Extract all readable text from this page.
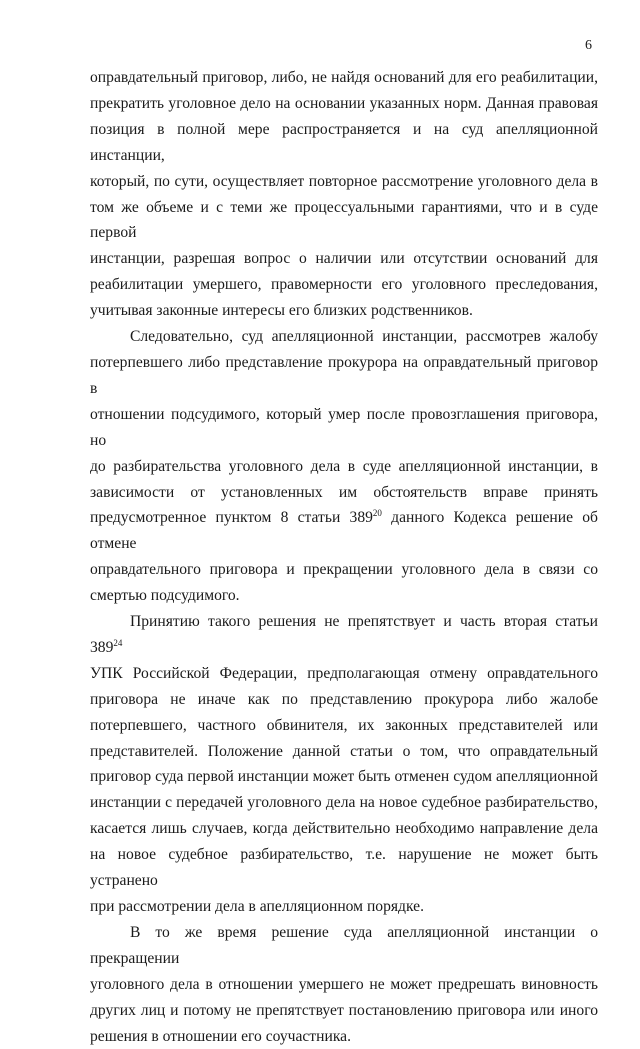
6

оправдательный приговор, либо, не найдя оснований для его реабилитации,

прекратить уголовное дело на основании указанных норм. Данная правовая

позиция в полной мере распространяется и на суд апелляционной инстанции,

который, по сути, осуществляет повторное рассмотрение уголовного дела в

том же объеме и с теми же процессуальными гарантиями, что и в суде первой

инстанции, разрешая вопрос о наличии или отсутствии оснований для

реабилитации умершего, правомерности его уголовного преследования,

учитывая законные интересы его близких родственников.

Следовательно, суд апелляционной инстанции, рассмотрев жалобу

потерпевшего либо представление прокурора на оправдательный приговор в

отношении подсудимого, который умер после провозглашения приговора, но

до разбирательства уголовного дела в суде апелляционной инстанции, в

зависимости от установленных им обстоятельств вправе принять

предусмотренное пунктом 8 статьи $389^{20}$ данного Кодекса решение об отмене

оправдательного приговора и прекращении уголовного дела в связи со

смертью подсудимого.

Принятию такого решения не препятствует и часть вторая статьи $389^{24}$

УПК Российской Федерации, предполагающая отмену оправдательного

приговора не иначе как по представлению прокурора либо жалобе

потерпевшего, частного обвинителя, их законных представителей или

представителей. Положение данной статьи о том, что оправдательный

приговор суда первой инстанции может быть отменен судом апелляционной

инстанции с передачей уголовного дела на новое судебное разбирательство,

касается лишь случаев, когда действительно необходимо направление дела

на новое судебное разбирательство, т.е. нарушение не может быть устранено

при рассмотрении дела в апелляционном порядке.

В то же время решение суда апелляционной инстанции о прекращении

уголовного дела в отношении умершего не может предрешать виновность

других лиц и потому не препятствует постановлению приговора или иного

решения в отношении его соучастника.
